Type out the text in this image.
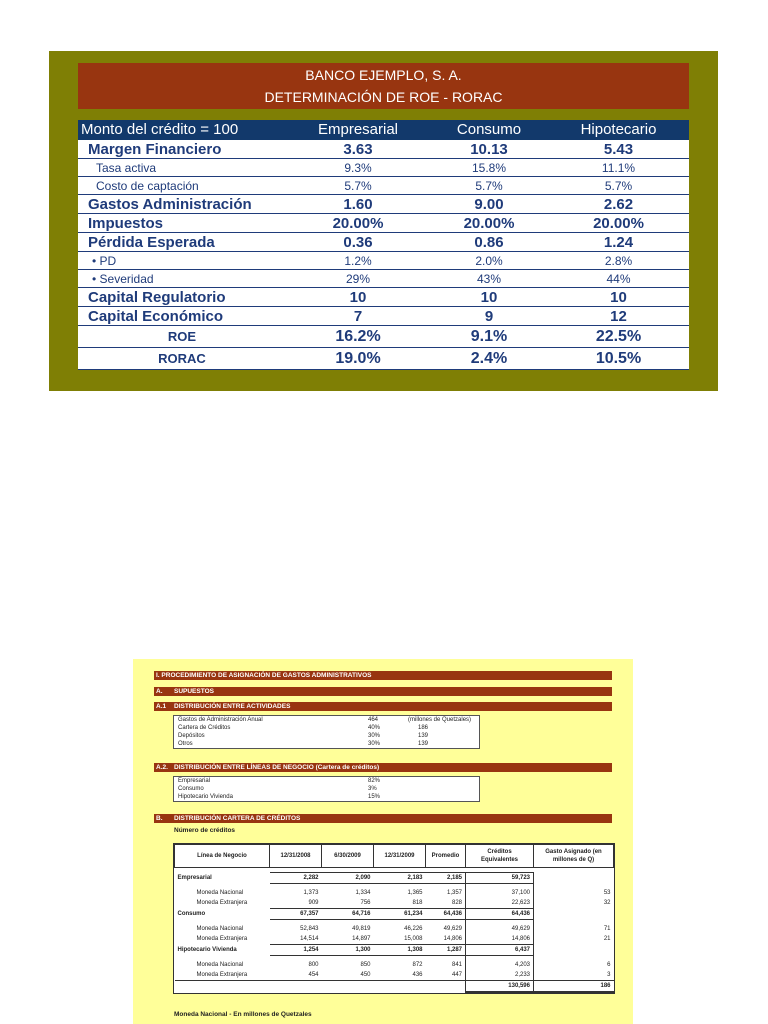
BANCO EJEMPLO, S. A.
DETERMINACIÓN DE ROE - RORAC
Monto del crédito = 100	Empresarial	Consumo	Hipotecario
Margen Financiero	3.63	10.13	5.43
Tasa activa	9.3%	15.8%	11.1%
Costo de captación	5.7%	5.7%	5.7%
Gastos Administración	1.60	9.00	2.62
Impuestos	20.00%	20.00%	20.00%
Pérdida Esperada	0.36	0.86	1.24
• PD	1.2%	2.0%	2.8%
• Severidad	29%	43%	44%
Capital Regulatorio	10	10	10
Capital Económico	7	9	12
ROE	16.2%	9.1%	22.5%
RORAC	19.0%	2.4%	10.5%
I. PROCEDIMIENTO DE ASIGNACIÓN DE GASTOS ADMINISTRATIVOS
A. SUPUESTOS
A.1 DISTRIBUCIÓN ENTRE ACTIVIDADES
Gastos de Administración Anual	464	(millones de Quetzales)
Cartera de Créditos	40%	186
Depósitos	30%	139
Otros	30%	139
A.2. DISTRIBUCIÓN ENTRE LÍNEAS DE NEGOCIO (Cartera de créditos)
Empresarial	82%
Consumo	3%
Hipotecario Vivienda	15%
B. DISTRIBUCIÓN CARTERA DE CRÉDITOS
Número de créditos
Línea de Negocio	12/31/2008	6/30/2009	12/31/2009	Promedio	Créditos Equivalentes	Gasto Asignado (en millones de Q)

Empresarial	2,282	2,090	2,183	2,185	59,723	

Moneda Nacional	1,373	1,334	1,365	1,357	37,100	53
Moneda Extranjera	909	756	818	828	22,623	32
Consumo	67,357	64,716	61,234	64,436	64,436	

Moneda Nacional	52,843	49,819	46,226	49,629	49,629	71
Moneda Extranjera	14,514	14,897	15,008	14,806	14,806	21
Hipotecario Vivienda	1,254	1,300	1,308	1,287	6,437	

Moneda Nacional	800	850	872	841	4,203	6
Moneda Extranjera	454	450	436	447	2,233	3
					130,596	186
Moneda Nacional - En millones de Quetzales
